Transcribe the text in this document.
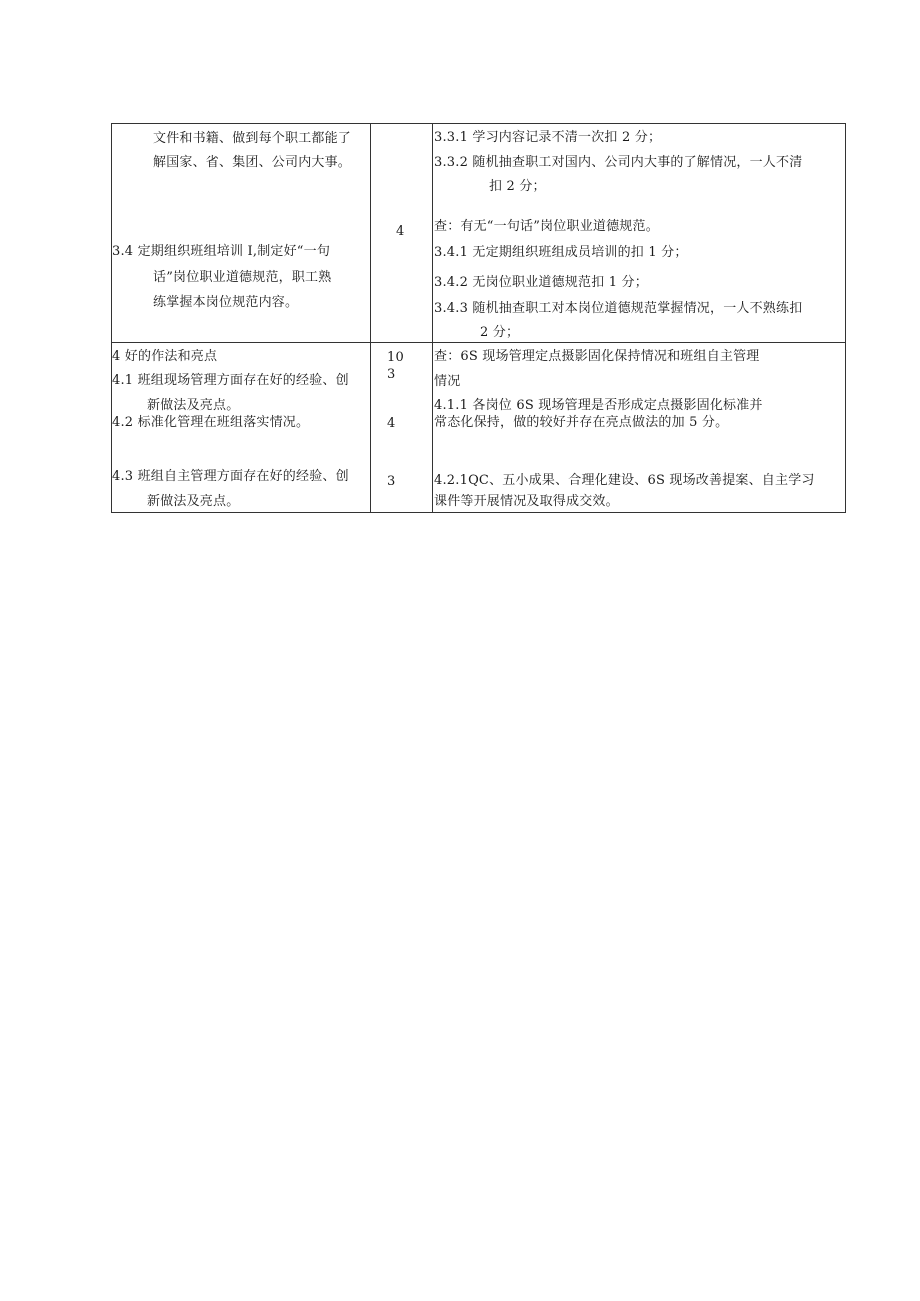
文件和书籍、做到每个职工都能了
解国家、省、集团、公司内大事。
3.4 定期组织班组培训 I,制定好“一句
话”岗位职业道德规范，职工熟
练掌握本岗位规范内容。
4
3.3.1 学习内容记录不清一次扣 2 分；
3.3.2 随机抽查职工对国内、公司内大事的了解情况，一人不清
扣 2 分；
查：有无“一句话”岗位职业道德规范。
3.4.1 无定期组织班组成员培训的扣 1 分；
3.4.2 无岗位职业道德规范扣 1 分；
3.4.3 随机抽查职工对本岗位道德规范掌握情况，一人不熟练扣
2 分；
4 好的作法和亮点
4.1 班组现场管理方面存在好的经验、创
新做法及亮点。
4.2 标准化管理在班组落实情况。
4.3 班组自主管理方面存在好的经验、创
新做法及亮点。
10
3
4
3
查：6S 现场管理定点摄影固化保持情况和班组自主管理
情况
4.1.1 各岗位 6S 现场管理是否形成定点摄影固化标准并
常态化保持，做的较好并存在亮点做法的加 5 分。
4.2.1QC、五小成果、合理化建设、6S 现场改善提案、自主学习
课件等开展情况及取得成交效。
